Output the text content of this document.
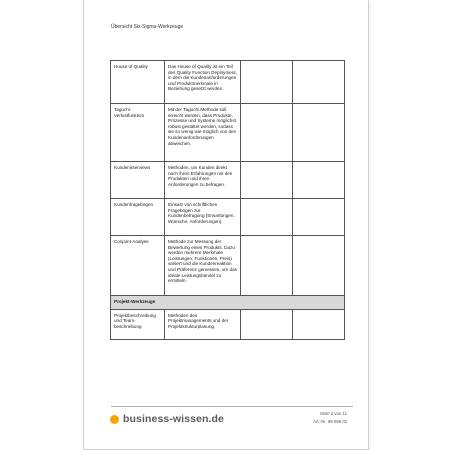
Übersicht Six-Sigma-Werkzeuge
House of Quality	Das House of Quality ist ein Teil des Quality Function Deployment, in dem die Kundenanforderungen und Produktmerkmale in Beziehung gesetzt werden.		
Taguchi-Verlustfunktion	Mit der Taguchi Methode soll erreicht werden, dass Produkte, Prozesse und Systeme möglichst robust gestaltet werden, sodass sie so wenig wie möglich von den Kundenanforderungen abweichen.		
Kundeninterviews	Methoden, um Kunden direkt nach ihren Erfahrungen mit den Produkten und ihren Anforderungen zu befragen.		
Kundenfragebögen	Einsatz von schriftlichen Fragebögen zur Kundenbefragung (Erwartungen, Wünsche, Anforderungen).		
Conjoint-Analyse	Methode zur Messung der Bewertung eines Produkts. Dazu werden mehrere Merkmale (Leistungen, Funktionen, Preis) variiert und die Kundenreaktion und Präferenz gemessen, um das ideale Leistungsbündel zu ermitteln.		
Projekt-Werkzeuge			
Projektbeschreibung und Team-beschreibung	Methoden des Projektmanagements und der Projektstrukturplanung.		
business-wissen.de	Seite 2 von 11
Art.-Nr. 99.098.02
